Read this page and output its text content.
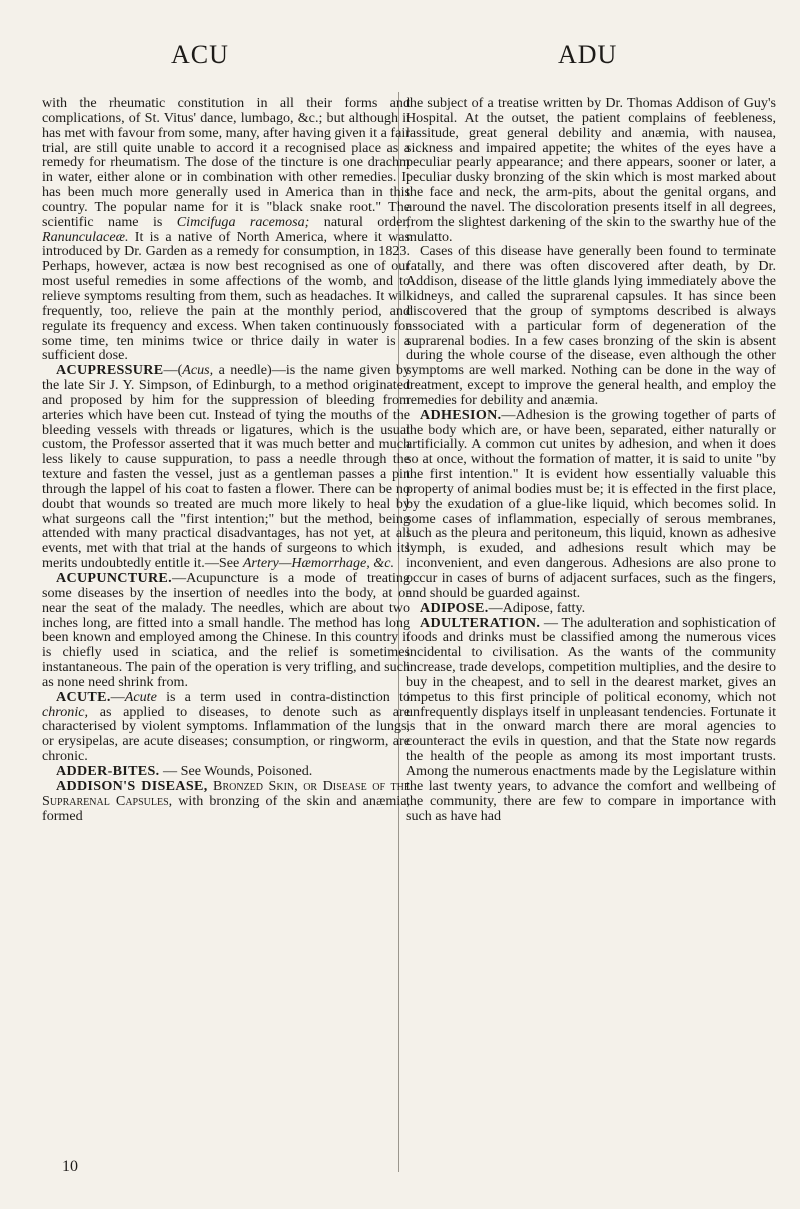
ACU	ADU

with the rheumatic constitution in all their forms and complications, of St. Vitus' dance, lumbago, &c.; but although it has met with favour from some, many, after having given it a fair trial, are still quite unable to accord it a recognised place as a remedy for rheumatism. The dose of the tincture is one drachm in water, either alone or in combination with other remedies. It has been much more generally used in America than in this country. The popular name for it is "black snake root." The scientific name is Cimcifuga racemosa; natural order, Ranunculaceæ. It is a native of North America, where it was introduced by Dr. Garden as a remedy for consumption, in 1823. Perhaps, however, actæa is now best recognised as one of our most useful remedies in some affections of the womb, and to relieve symptoms resulting from them, such as headaches. It will frequently, too, relieve the pain at the monthly period, and regulate its frequency and excess. When taken continuously for some time, ten minims twice or thrice daily in water is a sufficient dose.

ACUPRESSURE—(Acus, a needle)—is the name given by the late Sir J. Y. Simpson, of Edinburgh, to a method originated and proposed by him for the suppression of bleeding from arteries which have been cut. Instead of tying the mouths of the bleeding vessels with threads or ligatures, which is the usual custom, the Professor asserted that it was much better and much less likely to cause suppuration, to pass a needle through the texture and fasten the vessel, just as a gentleman passes a pin through the lappel of his coat to fasten a flower. There can be no doubt that wounds so treated are much more likely to heal by what surgeons call the "first intention;" but the method, being attended with many practical disadvantages, has not yet, at all events, met with that trial at the hands of surgeons to which its merits undoubtedly entitle it.—See Artery—Hæmorrhage, &c.

ACUPUNCTURE.—Acupuncture is a mode of treating some diseases by the insertion of needles into the body, at or near the seat of the malady. The needles, which are about two inches long, are fitted into a small handle. The method has long been known and employed among the Chinese. In this country it is chiefly used in sciatica, and the relief is sometimes instantaneous. The pain of the operation is very trifling, and such as none need shrink from.

ACUTE.—Acute is a term used in contra-distinction to chronic, as applied to diseases, to denote such as are characterised by violent symptoms. Inflammation of the lungs, or erysipelas, are acute diseases; consumption, or ringworm, are chronic.

ADDER-BITES. — See Wounds, Poisoned.

ADDISON'S DISEASE, Bronzed Skin, or Disease of the Suprarenal Capsules, with bronzing of the skin and anæmia, formed

the subject of a treatise written by Dr. Thomas Addison of Guy's Hospital. At the outset, the patient complains of feebleness, lassitude, great general debility and anæmia, with nausea, sickness and impaired appetite; the whites of the eyes have a peculiar pearly appearance; and there appears, sooner or later, a peculiar dusky bronzing of the skin which is most marked about the face and neck, the arm-pits, about the genital organs, and around the navel. The discoloration presents itself in all degrees, from the slightest darkening of the skin to the swarthy hue of the mulatto.

Cases of this disease have generally been found to terminate fatally, and there was often discovered after death, by Dr. Addison, disease of the little glands lying immediately above the kidneys, and called the suprarenal capsules. It has since been discovered that the group of symptoms described is always associated with a particular form of degeneration of the suprarenal bodies. In a few cases bronzing of the skin is absent during the whole course of the disease, even although the other symptoms are well marked. Nothing can be done in the way of treatment, except to improve the general health, and employ the remedies for debility and anæmia.

ADHESION.—Adhesion is the growing together of parts of the body which are, or have been, separated, either naturally or artificially. A common cut unites by adhesion, and when it does so at once, without the formation of matter, it is said to unite "by the first intention." It is evident how essentially valuable this property of animal bodies must be; it is effected in the first place, by the exudation of a glue-like liquid, which becomes solid. In some cases of inflammation, especially of serous membranes, such as the pleura and peritoneum, this liquid, known as adhesive lymph, is exuded, and adhesions result which may be inconvenient, and even dangerous. Adhesions are also prone to occur in cases of burns of adjacent surfaces, such as the fingers, and should be guarded against.

ADIPOSE.—Adipose, fatty.

ADULTERATION. — The adulteration and sophistication of foods and drinks must be classified among the numerous vices incidental to civilisation. As the wants of the community increase, trade develops, competition multiplies, and the desire to buy in the cheapest, and to sell in the dearest market, gives an impetus to this first principle of political economy, which not unfrequently displays itself in unpleasant tendencies. Fortunate it is that in the onward march there are moral agencies to counteract the evils in question, and that the State now regards the health of the people as among its most important trusts. Among the numerous enactments made by the Legislature within the last twenty years, to advance the comfort and wellbeing of the community, there are few to compare in importance with such as have had

10
